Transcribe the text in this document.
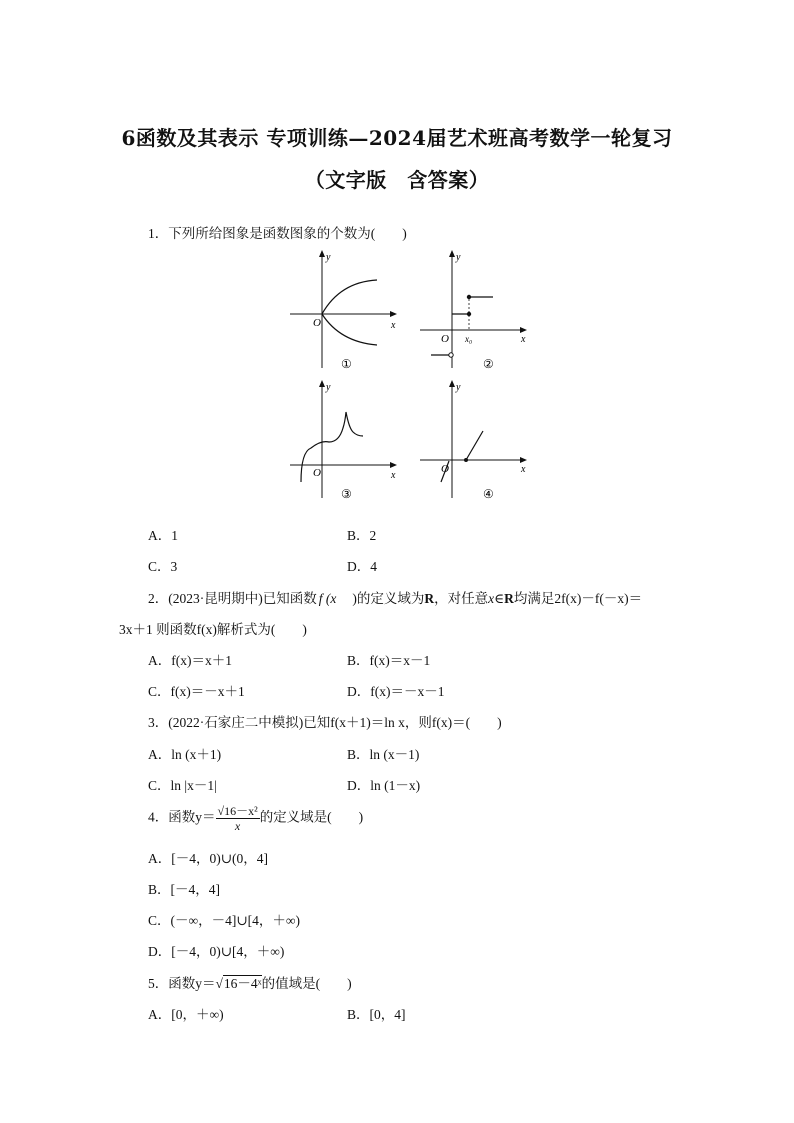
6函数及其表示 专项训练—2024届艺术班高考数学一轮复习
（文字版　含答案）
1．下列所给图象是函数图象的个数为(　　)
O	x
y
①
O x₀	x
y
②
O	x
y
③
O	x
y
④
A．1	B．2
C．3	D．4
2．(2023·昆明期中)已知函数 f (x )的定义域为R，对任意x∈R均满足2f(x)－f(－x)＝
3x＋1 则函数f(x)解析式为(　　)
A．f(x)＝x＋1	B．f(x)＝x－1
C．f(x)＝－x＋1	D．f(x)＝－x－1
3．(2022·石家庄二中模拟)已知f(x＋1)＝ln x，则f(x)＝(　　)
A．ln (x＋1)	B．ln (x－1)
C．ln |x－1|	D．ln (1－x)
4．函数$y= \frac{\text{√16－x²}}{x}$ 的定义域是(　　)
A．[－4，0)∪(0，4]
B．[－4，4]
C．(－∞，－4]∪[4，＋∞)
D．[－4，0)∪[4，＋∞)
5．函数y＝√16－4ˣ的值域是(　　)
A．[0，＋∞)	B．[0，4]
